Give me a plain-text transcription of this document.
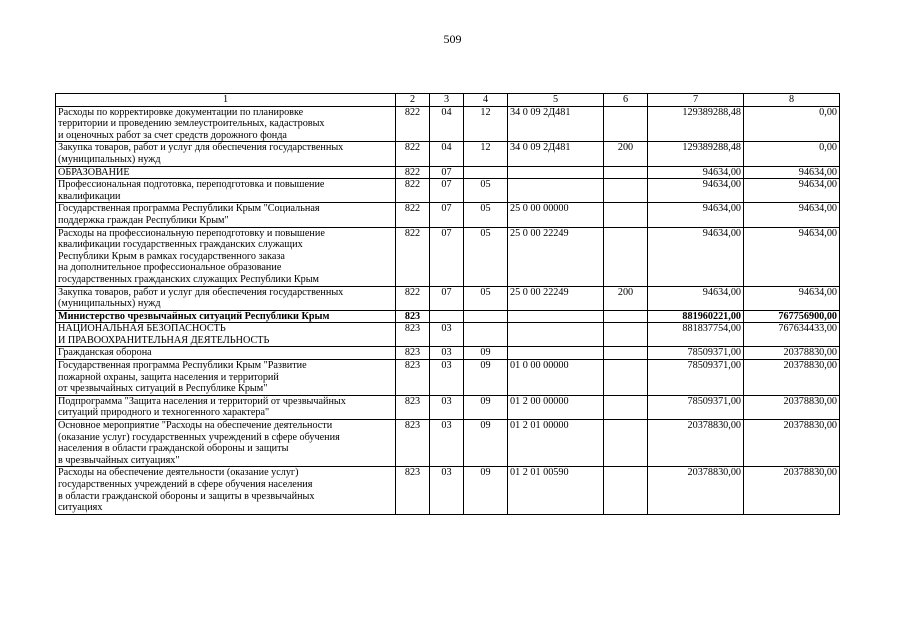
509
1	2	3	4	5	6	7	8
Расходы по корректировке документации по планировке
территории и проведению землеустроительных, кадастровых
и оценочных работ за счет средств дорожного фонда	822	04	12	34 0 09 2Д481		129389288,48	0,00
Закупка товаров, работ и услуг для обеспечения государственных
(муниципальных) нужд	822	04	12	34 0 09 2Д481	200	129389288,48	0,00
ОБРАЗОВАНИЕ	822	07				94634,00	94634,00
Профессиональная подготовка, переподготовка и повышение
квалификации	822	07	05			94634,00	94634,00
Государственная программа Республики Крым "Социальная
поддержка граждан Республики Крым"	822	07	05	25 0 00 00000		94634,00	94634,00
Расходы на профессиональную переподготовку и повышение
квалификации государственных гражданских служащих
Республики Крым в рамках государственного заказа
на дополнительное профессиональное образование
государственных гражданских служащих Республики Крым	822	07	05	25 0 00 22249		94634,00	94634,00
Закупка товаров, работ и услуг для обеспечения государственных
(муниципальных) нужд	822	07	05	25 0 00 22249	200	94634,00	94634,00
Министерство чрезвычайных ситуаций Республики Крым	823					881960221,00	767756900,00
НАЦИОНАЛЬНАЯ БЕЗОПАСНОСТЬ
И ПРАВООХРАНИТЕЛЬНАЯ ДЕЯТЕЛЬНОСТЬ	823	03				881837754,00	767634433,00
Гражданская оборона	823	03	09			78509371,00	20378830,00
Государственная программа Республики Крым "Развитие
пожарной охраны, защита населения и территорий
от чрезвычайных ситуаций в Республике Крым"	823	03	09	01 0 00 00000		78509371,00	20378830,00
Подпрограмма "Защита населения и территорий от чрезвычайных
ситуаций природного и техногенного характера"	823	03	09	01 2 00 00000		78509371,00	20378830,00
Основное мероприятие "Расходы на обеспечение деятельности
(оказание услуг) государственных учреждений в сфере обучения
населения в области гражданской обороны и защиты
в чрезвычайных ситуациях"	823	03	09	01 2 01 00000		20378830,00	20378830,00
Расходы на обеспечение деятельности (оказание услуг)
государственных учреждений в сфере обучения населения
в области гражданской обороны и защиты в чрезвычайных
ситуациях	823	03	09	01 2 01 00590		20378830,00	20378830,00
